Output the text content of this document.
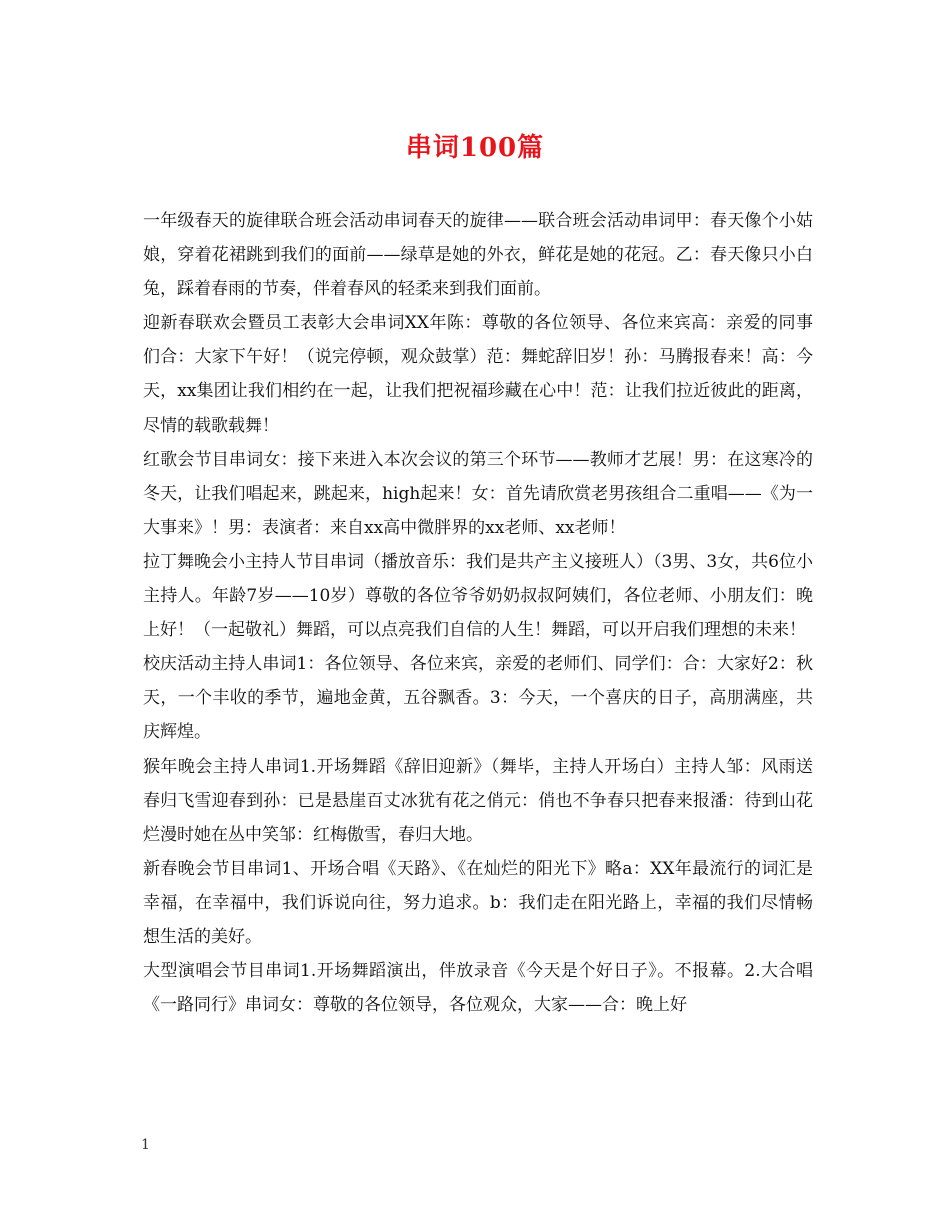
串词100篇

一年级春天的旋律联合班会活动串词春天的旋律——联合班会活动串词甲：春天像个小姑娘，穿着花裙跳到我们的面前——绿草是她的外衣，鲜花是她的花冠。乙：春天像只小白兔，踩着春雨的节奏，伴着春风的轻柔来到我们面前。

迎新春联欢会暨员工表彰大会串词XX年陈：尊敬的各位领导、各位来宾高：亲爱的同事们合：大家下午好！（说完停顿，观众鼓掌）范：舞蛇辞旧岁！孙：马腾报春来！高：今天，xx集团让我们相约在一起，让我们把祝福珍藏在心中！范：让我们拉近彼此的距离，尽情的载歌载舞！

红歌会节目串词女：接下来进入本次会议的第三个环节——教师才艺展！男：在这寒冷的冬天，让我们唱起来，跳起来，high起来！女：首先请欣赏老男孩组合二重唱——《为一大事来》！男：表演者：来自xx高中微胖界的xx老师、xx老师！

拉丁舞晚会小主持人节目串词（播放音乐：我们是共产主义接班人）（3男、3女，共6位小主持人。年龄7岁——10岁）尊敬的各位爷爷奶奶叔叔阿姨们，各位老师、小朋友们：晚上好！（一起敬礼）舞蹈，可以点亮我们自信的人生！舞蹈，可以开启我们理想的未来！

校庆活动主持人串词1：各位领导、各位来宾，亲爱的老师们、同学们：合：大家好2：秋天，一个丰收的季节，遍地金黄，五谷飘香。3：今天，一个喜庆的日子，高朋满座，共庆辉煌。

猴年晚会主持人串词1.开场舞蹈《辞旧迎新》（舞毕，主持人开场白）主持人邹：风雨送春归飞雪迎春到孙：已是悬崖百丈冰犹有花之俏元：俏也不争春只把春来报潘：待到山花烂漫时她在丛中笑邹：红梅傲雪，春归大地。

新春晚会节目串词1、开场合唱《天路》、《在灿烂的阳光下》略a：XX年最流行的词汇是幸福，在幸福中，我们诉说向往，努力追求。b：我们走在阳光路上，幸福的我们尽情畅想生活的美好。

大型演唱会节目串词1.开场舞蹈演出，伴放录音《今天是个好日子》。不报幕。2.大合唱《一路同行》串词女：尊敬的各位领导，各位观众，大家——合：晚上好

1
